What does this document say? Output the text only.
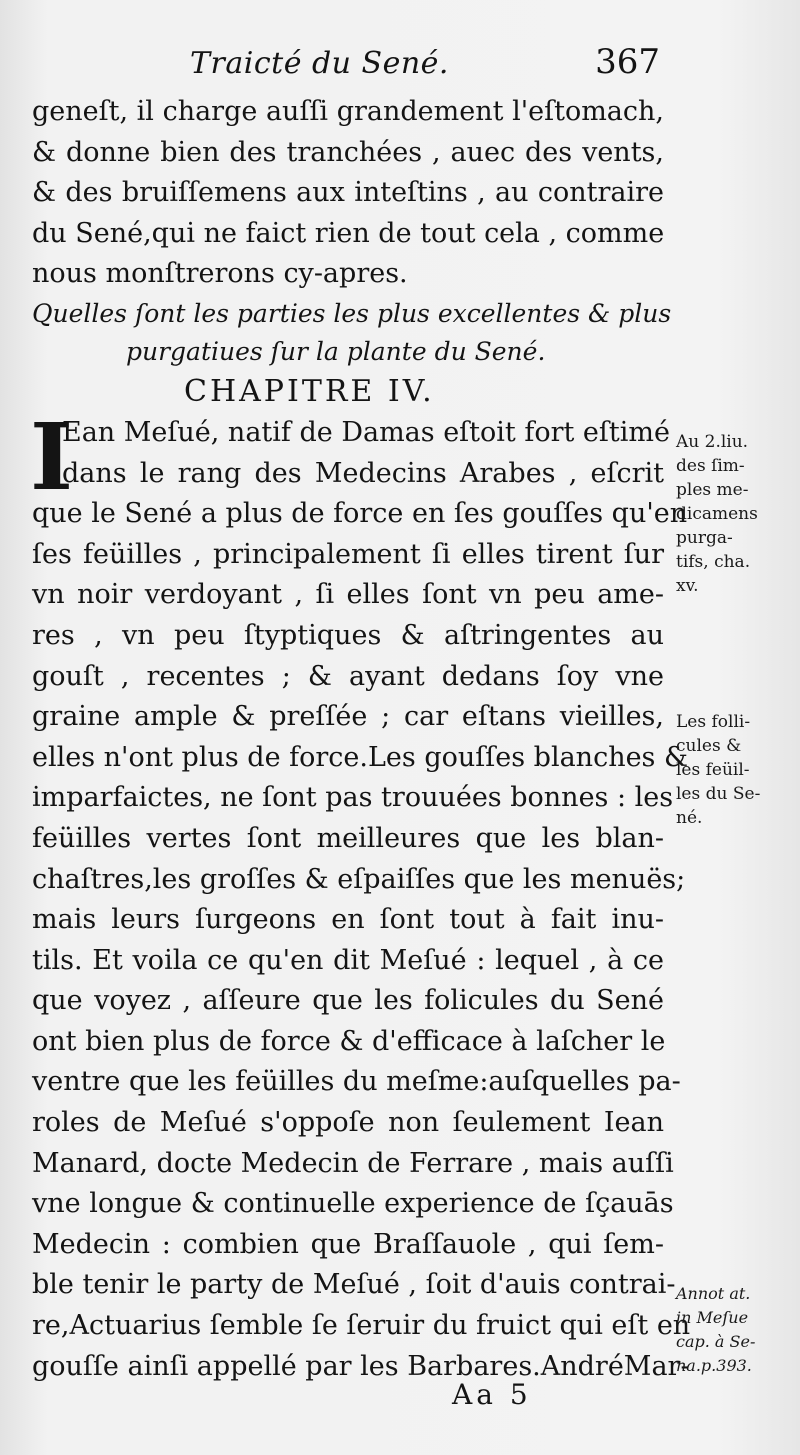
Traicté du Sené.	367
geneſt, il charge auſſi grandement l'eſtomach,
& donne bien des tranchées , auec des vents,
& des bruiſſemens aux inteſtins , au contraire
du Sené,qui ne faict rien de tout cela , comme
nous monſtrerons cy-apres.
Quelles ſont les parties les plus excellentes & plus
purgatiues ſur la plante du Sené.
CHAPITRE IV.
I
Ean Meſué, natif de Damas eſtoit fort eſtimé
dans le rang des Medecins Arabes , eſcrit
que le Sené a plus de force en ſes gouſſes qu'en
ſes feüilles , principalement ſi elles tirent ſur
vn noir verdoyant , ſi elles ſont vn peu ame-
res , vn peu ſtyptiques & aſtringentes au
gouſt , recentes ; & ayant dedans ſoy vne
graine ample & preſſée ; car eſtans vieilles,
elles n'ont plus de force.Les gouſſes blanches &
imparfaictes, ne ſont pas trouuées bonnes : les
feüilles vertes ſont meilleures que les blan-
chaſtres,les groſſes & eſpaiſſes que les menuës;
mais leurs ſurgeons en ſont tout à fait inu-
tils. Et voila ce qu'en dit Meſué : lequel , à ce
que voyez , aſſeure que les folicules du Sené
ont bien plus de force & d'efficace à laſcher le
ventre que les feüilles du meſme:auſquelles pa-
roles de Meſué s'oppoſe non ſeulement Iean
Manard, docte Medecin de Ferrare , mais auſſi
vne longue & continuelle experience de ſçauās
Medecin : combien que Braſſauole , qui ſem-
ble tenir le party de Meſué , ſoit d'auis contrai-
re,Actuarius ſemble ſe ſeruir du fruict qui eſt en
gouſſe ainſi appellé par les Barbares.AndréMar-
Au 2.liu.
des ſim-
ples me-
dicamens
purga-
tifs, cha.
xv.
Les folli-
cules &
les feüil-
les du Se-
né.
Annot at.
in Meſue
cap. à Se-
na.p.393.
Aa 5
